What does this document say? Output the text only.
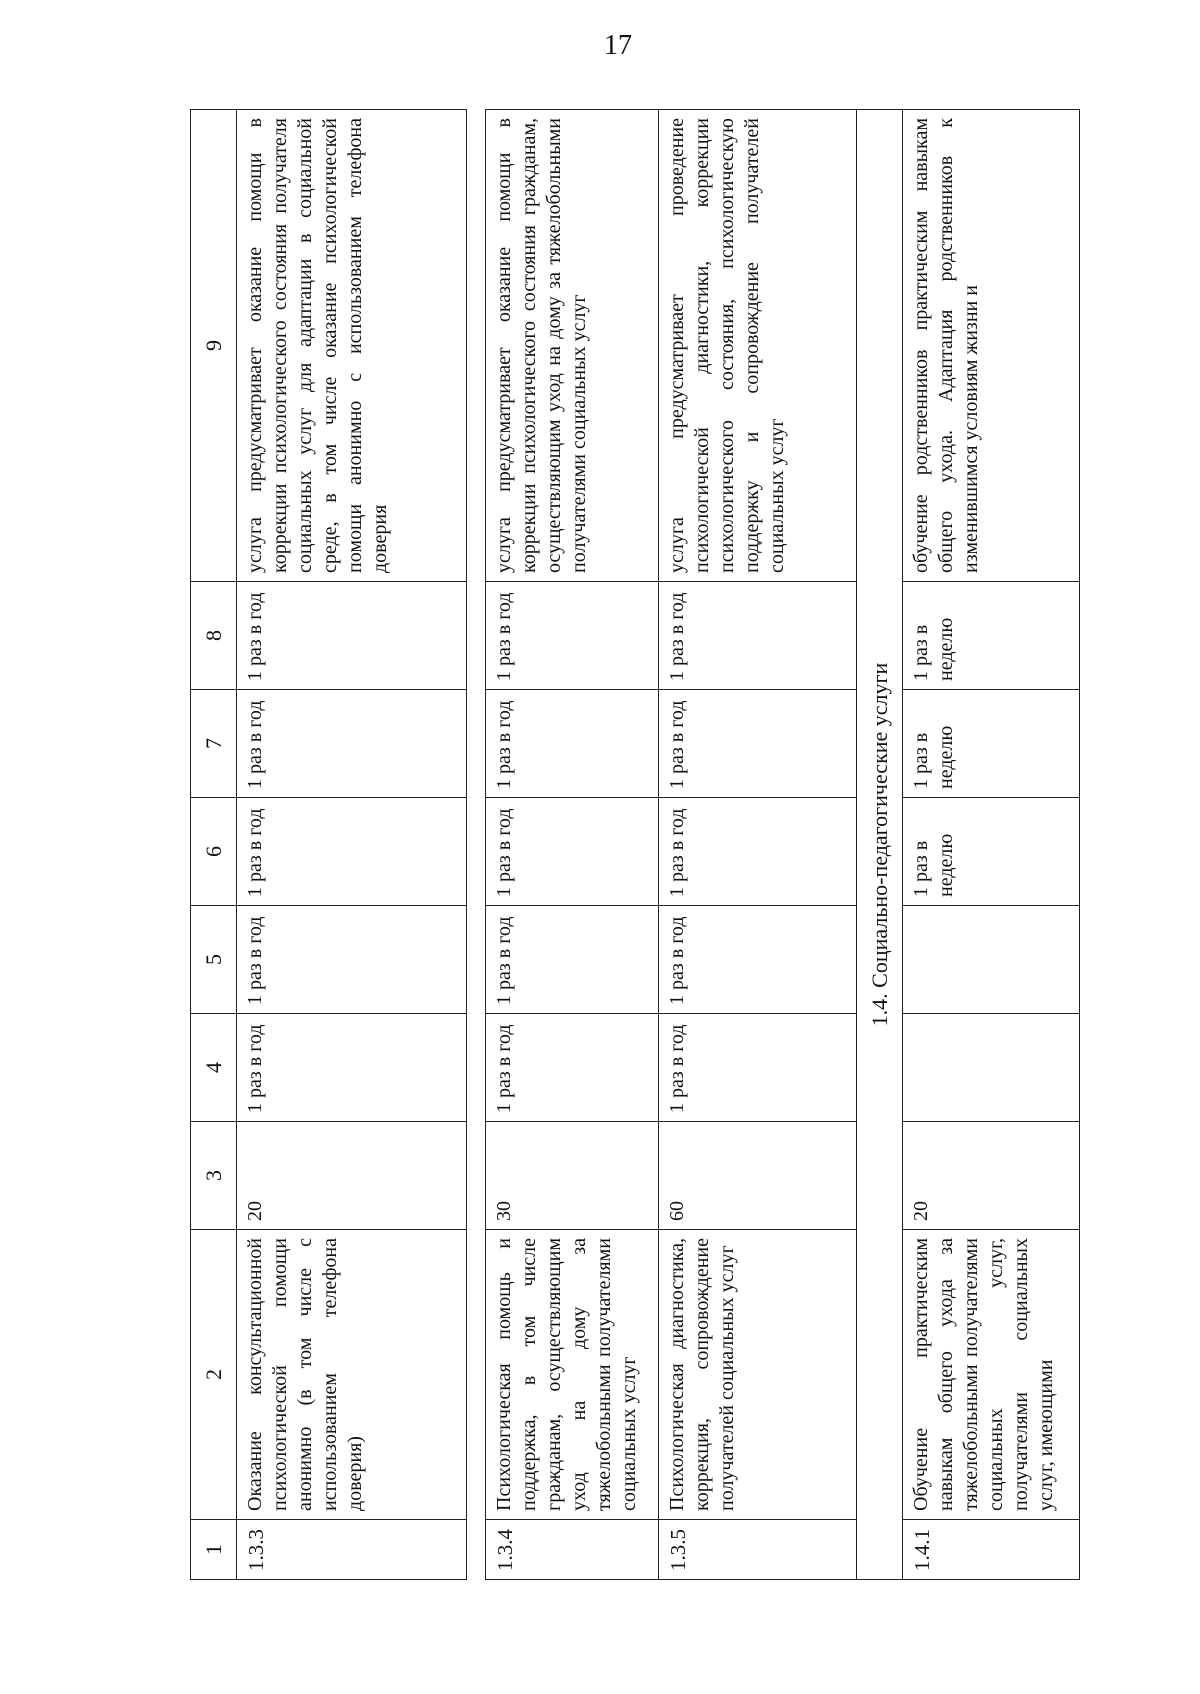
17
1	2	3	4	5	6	7	8	9
1.3.3	Оказание консультационной психологической помощи анонимно (в том числе с использованием телефона доверия)	20	1 раз в год	1 раз в год	1 раз в год	1 раз в год	1 раз в год	услуга предусматривает оказание помощи в коррекции психологического состояния получателя социальных услуг для адаптации в социальной среде, в том числе оказание психологической помощи анонимно с использованием телефона доверия

1.3.4	Психологическая помощь и поддержка, в том числе гражданам, осуществляющим уход на дому за тяжелобольными получателями социальных услуг	30	1 раз в год	1 раз в год	1 раз в год	1 раз в год	1 раз в год	услуга предусматривает оказание помощи в коррекции психологического состояния гражданам, осуществляющим уход на дому за тяжелобольными получателями социальных услуг
1.3.5	Психологическая диагностика, коррекция, сопровождение получателей социальных услуг	60	1 раз в год	1 раз в год	1 раз в год	1 раз в год	1 раз в год	услуга предусматривает проведение психологической диагностики, коррекции психологического состояния, психологическую поддержку и сопровождение получателей социальных услуг
1.4. Социально-педагогические услуги								
1.4.1	Обучение практическим навыкам общего ухода за тяжелобольными получателями социальных услуг, получателями социальных услуг, имеющими	20			1 раз в неделю	1 раз в неделю	1 раз в неделю	обучение родственников практическим навыкам общего ухода. Адаптация родственников к изменившимся условиям жизни и
